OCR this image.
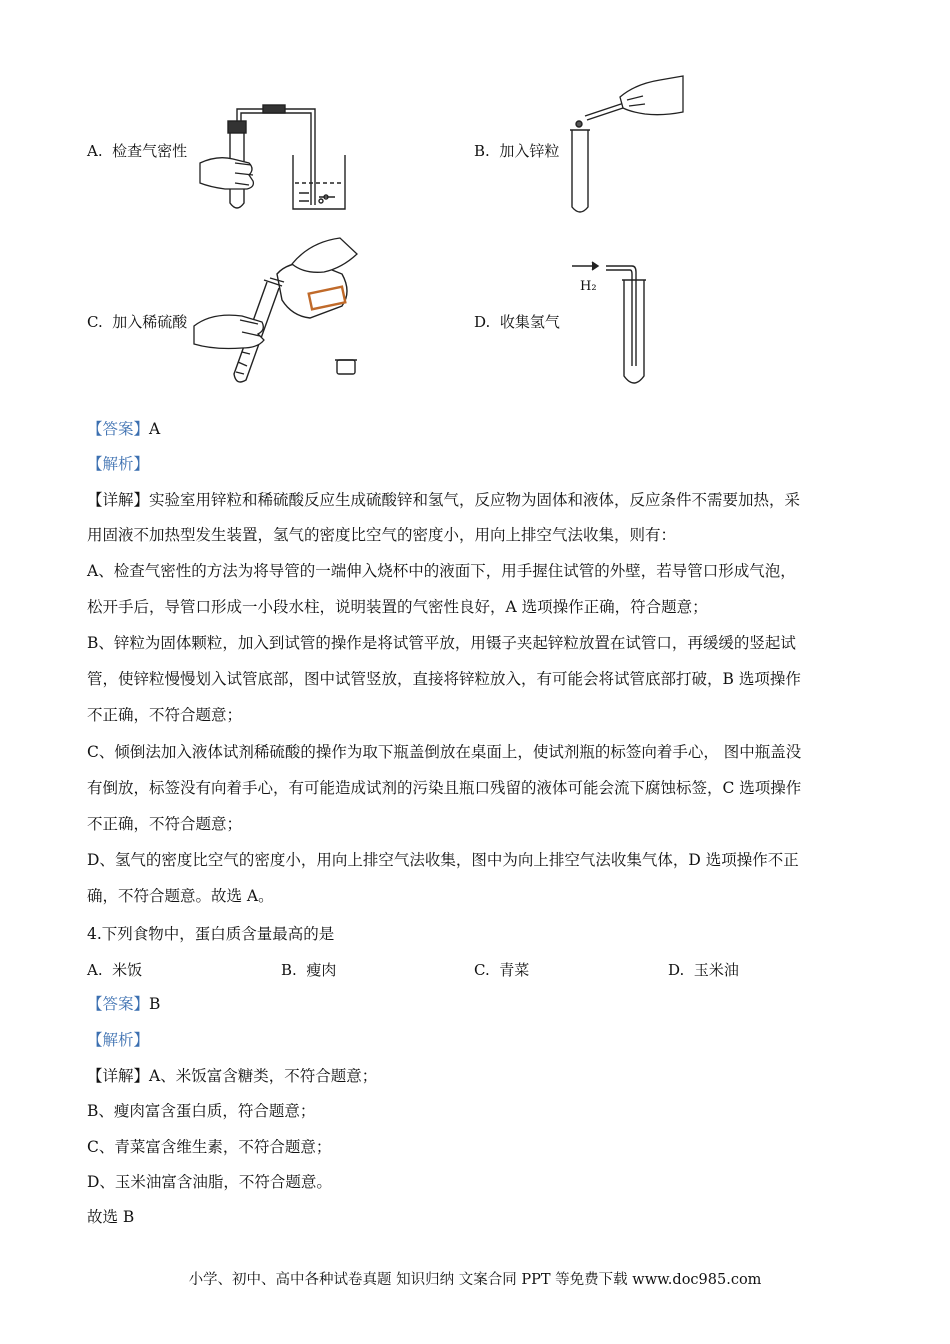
A. 检查气密性	B. 加入锌粒
C. 加入稀硫酸	D. 收集氢气
H₂
【答案】A
【解析】
【详解】实验室用锌粒和稀硫酸反应生成硫酸锌和氢气，反应物为固体和液体，反应条件不需要加热，采
用固液不加热型发生装置，氢气的密度比空气的密度小，用向上排空气法收集，则有：
A、检查气密性的方法为将导管的一端伸入烧杯中的液面下，用手握住试管的外壁，若导管口形成气泡，
松开手后，导管口形成一小段水柱，说明装置的气密性良好，A 选项操作正确，符合题意；
B、锌粒为固体颗粒，加入到试管的操作是将试管平放，用镊子夹起锌粒放置在试管口，再缓缓的竖起试
管，使锌粒慢慢划入试管底部，图中试管竖放，直接将锌粒放入，有可能会将试管底部打破，B 选项操作
不正确，不符合题意；
C、倾倒法加入液体试剂稀硫酸的操作为取下瓶盖倒放在桌面上，使试剂瓶的标签向着手心， 图中瓶盖没
有倒放，标签没有向着手心，有可能造成试剂的污染且瓶口残留的液体可能会流下腐蚀标签，C 选项操作
不正确，不符合题意；
D、氢气的密度比空气的密度小，用向上排空气法收集，图中为向上排空气法收集气体，D 选项操作不正
确，不符合题意。故选 A。
4.下列食物中，蛋白质含量最高的是
A. 米饭	B. 瘦肉	C. 青菜	D. 玉米油
【答案】B
【解析】
【详解】A、米饭富含糖类，不符合题意；
B、瘦肉富含蛋白质，符合题意；
C、青菜富含维生素，不符合题意；
D、玉米油富含油脂，不符合题意。
故选 B
小学、初中、高中各种试卷真题 知识归纳 文案合同 PPT 等免费下载 www.doc985.com
